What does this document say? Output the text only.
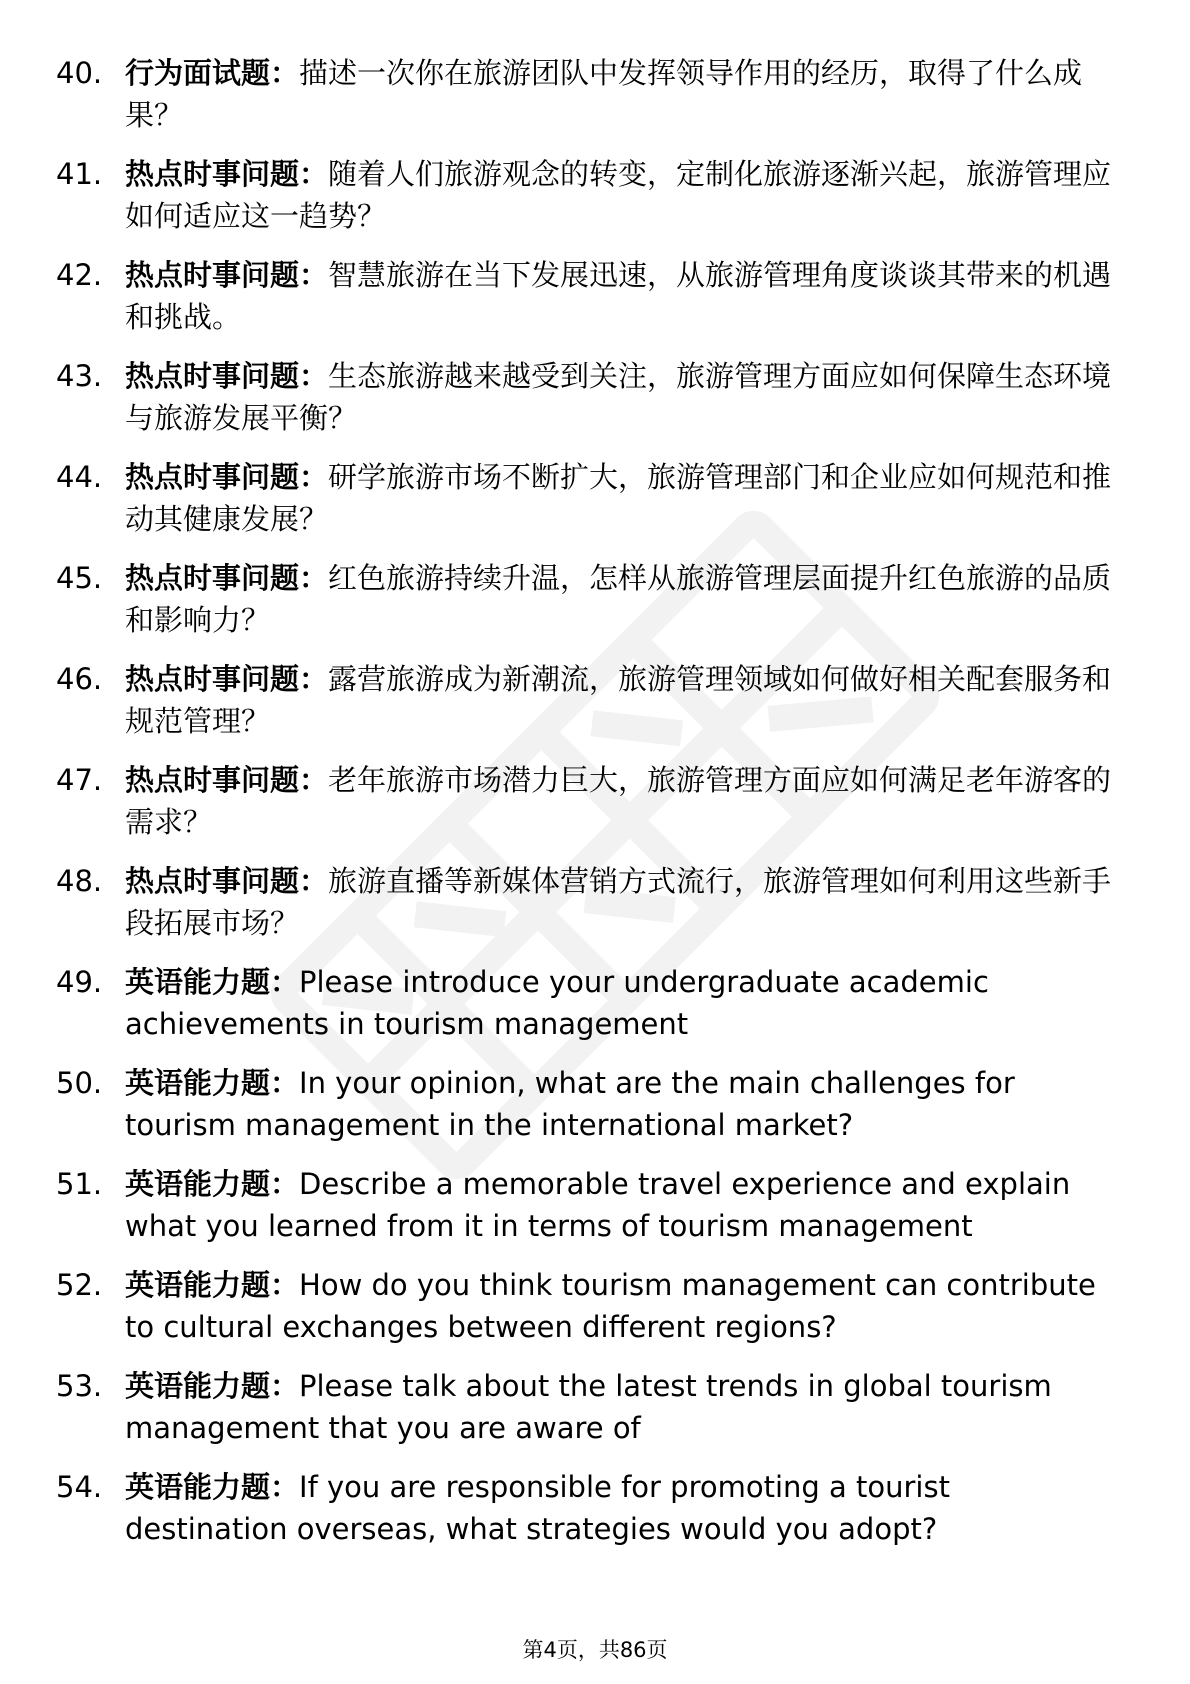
40. 行为面试题：描述一次你在旅游团队中发挥领导作用的经历，取得了什么成果？
41. 热点时事问题：随着人们旅游观念的转变，定制化旅游逐渐兴起，旅游管理应如何适应这一趋势？
42. 热点时事问题：智慧旅游在当下发展迅速，从旅游管理角度谈谈其带来的机遇和挑战。
43. 热点时事问题：生态旅游越来越受到关注，旅游管理方面应如何保障生态环境与旅游发展平衡？
44. 热点时事问题：研学旅游市场不断扩大，旅游管理部门和企业应如何规范和推动其健康发展？
45. 热点时事问题：红色旅游持续升温，怎样从旅游管理层面提升红色旅游的品质和影响力？
46. 热点时事问题：露营旅游成为新潮流，旅游管理领域如何做好相关配套服务和规范管理？
47. 热点时事问题：老年旅游市场潜力巨大，旅游管理方面应如何满足老年游客的需求？
48. 热点时事问题：旅游直播等新媒体营销方式流行，旅游管理如何利用这些新手段拓展市场？
49. 英语能力题：Please introduce your undergraduate academic achievements in tourism management
50. 英语能力题：In your opinion, what are the main challenges for tourism management in the international market?
51. 英语能力题：Describe a memorable travel experience and explain what you learned from it in terms of tourism management
52. 英语能力题：How do you think tourism management can contribute to cultural exchanges between different regions?
53. 英语能力题：Please talk about the latest trends in global tourism management that you are aware of
54. 英语能力题：If you are responsible for promoting a tourist destination overseas, what strategies would you adopt?
第4页，共86页
